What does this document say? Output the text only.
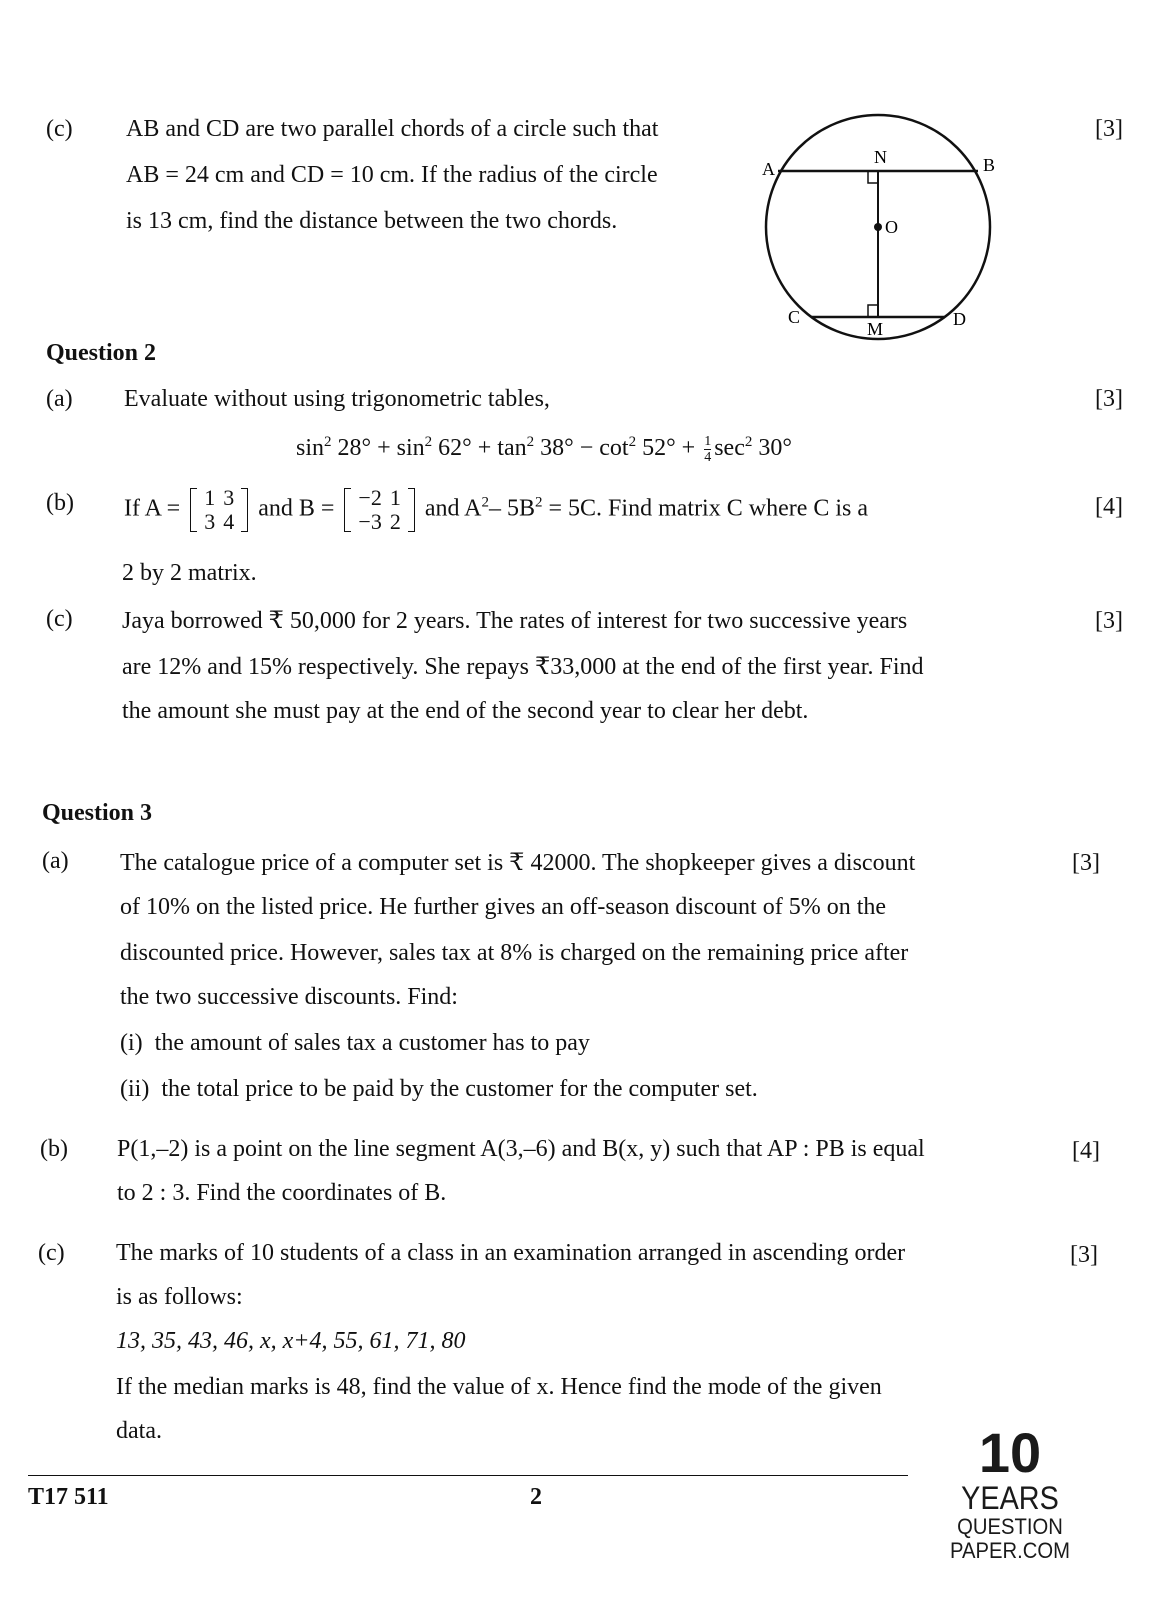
(c) AB and CD are two parallel chords of a circle such that
AB = 24 cm and CD = 10 cm. If the radius of the circle
is 13 cm, find the distance between the two chords.
[3]
A	B
C	D
N
M
O
Question 2
(a) Evaluate without using trigonometric tables,	[3]
$\sin^2 28^\circ + \sin^2 62^\circ + \tan^2 38^\circ - \cot^2 52^\circ + \frac{1}{4} \sec^2 30^\circ$
(b) If A = 1	3
3	4 and B = −2	1
−3	2 and $A^2-$ $5B^2 = 5C$. Find matrix C where C is a	[4]
2 by 2 matrix.
(c) Jaya borrowed ₹ 50,000 for 2 years. The rates of interest for two successive years
are 12% and 15% respectively. She repays ₹33,000 at the end of the first year. Find
the amount she must pay at the end of the second year to clear her debt.
[3]
Question 3
(a) The catalogue price of a computer set is ₹ 42000. The shopkeeper gives a discount
of 10% on the listed price. He further gives an off-season discount of 5% on the
discounted price. However, sales tax at 8% is charged on the remaining price after
the two successive discounts. Find:
(i) the amount of sales tax a customer has to pay
(ii) the total price to be paid by the customer for the computer set.
[3]
(b) P(1,–2) is a point on the line segment A(3,–6) and B(x, y) such that AP : PB is equal
to 2 : 3. Find the coordinates of B.
[4]
(c) The marks of 10 students of a class in an examination arranged in ascending order
is as follows:
13, 35, 43, 46, x, x+4, 55, 61, 71, 80
If the median marks is 48, find the value of x. Hence find the mode of the given
data.
[3]
T17 511	2
10
YEARS
QUESTION PAPER.COM
